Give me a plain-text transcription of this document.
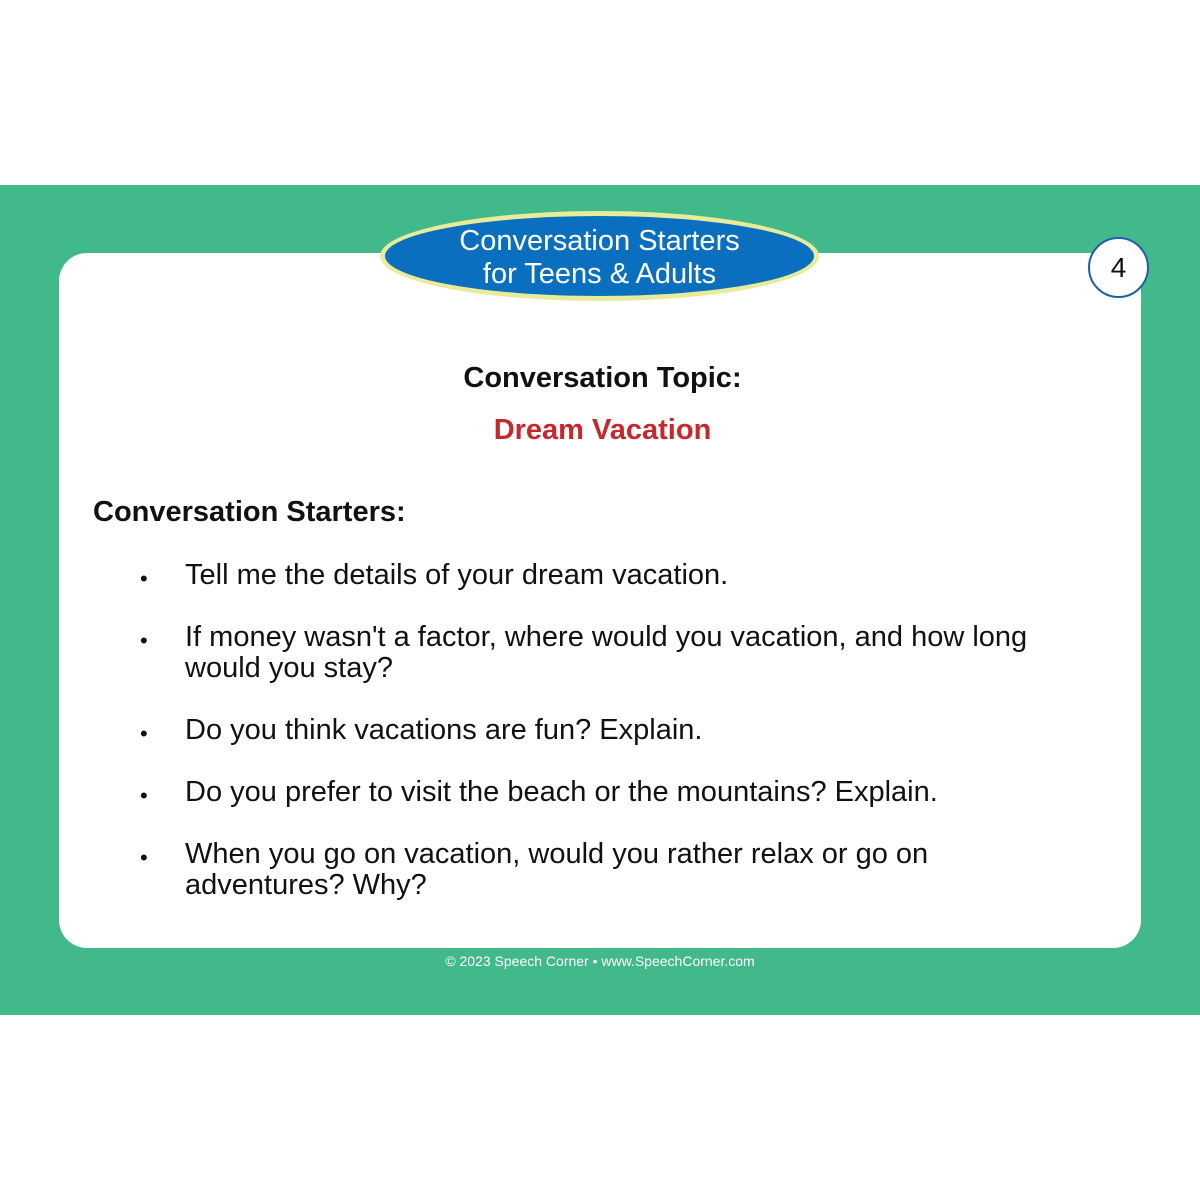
Conversation Starters
for Teens & Adults	4
Conversation Topic:
Dream Vacation
Conversation Starters:
• Tell me the details of your dream vacation.
• If money wasn't a factor, where would you vacation, and how long
would you stay?
• Do you think vacations are fun? Explain.
• Do you prefer to visit the beach or the mountains? Explain.
• When you go on vacation, would you rather relax or go on
adventures? Why?
© 2023 Speech Corner • www.SpeechCorner.com
